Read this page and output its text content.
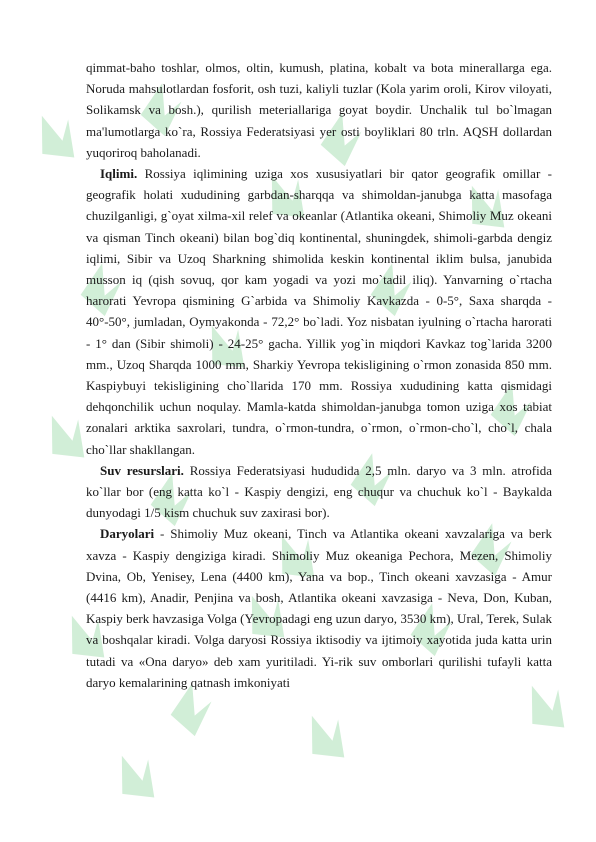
qimmat-baho toshlar, olmos, oltin, kumush, platina, kobalt va bota minerallarga ega. Noruda mahsulotlardan fosforit, osh tuzi, kaliyli tuzlar (Kola yarim oroli, Kirov viloyati, Solikamsk va bosh.), qurilish meteriallariga goyat boydir. Unchalik tul bo`lmagan ma'lumotlarga ko`ra, Rossiya Federatsiyasi yer osti boyliklari 80 trln. AQSH dollardan yuqoriroq baholanadi.

Iqlimi. Rossiya iqlimining uziga xos xususiyatlari bir qator geografik omillar - geografik holati xududining garbdan-sharqqa va shimoldan-janubga katta masofaga chuzilganligi, g`oyat xilma-xil relef va okeanlar (Atlantika okeani, Shimoliy Muz okeani va qisman Tinch okeani) bilan bog`diq kontinental, shuningdek, shimoli-garbda dengiz iqlimi, Sibir va Uzoq Sharkning shimolida keskin kontinental iklim bulsa, janubida musson iq (qish sovuq, qor kam yogadi va yozi mo`tadil iliq). Yanvarning o`rtacha harorati Yevropa qismining G`arbida va Shimoliy Kavkazda - 0-5°, Saxa sharqda - 40°-50°, jumladan, Oymyakonda - 72,2° bo`ladi. Yoz nisbatan iyulning o`rtacha harorati - 1° dan (Sibir shimoli) - 24-25° gacha. Yillik yog`in miqdori Kavkaz tog`larida 3200 mm., Uzoq Sharqda 1000 mm, Sharkiy Yevropa tekisligining o`rmon zonasida 850 mm. Kaspiybuyi tekisligining cho`llarida 170 mm. Rossiya xududining katta qismidagi dehqonchilik uchun noqulay. Mamla-katda shimoldan-janubga tomon uziga xos tabiat zonalari arktika saxrolari, tundra, o`rmon-tundra, o`rmon, o`rmon-cho`l, cho`l, chala cho`llar shakllangan.

Suv resurslari. Rossiya Federatsiyasi hududida 2,5 mln. daryo va 3 mln. atrofida ko`llar bor (eng katta ko`l - Kaspiy dengizi, eng chuqur va chuchuk ko`l - Baykalda dunyodagi 1/5 kism chuchuk suv zaxirasi bor).

Daryolari - Shimoliy Muz okeani, Tinch va Atlantika okeani xavzalariga va berk xavza - Kaspiy dengiziga kiradi. Shimoliy Muz okeaniga Pechora, Mezen, Shimoliy Dvina, Ob, Yenisey, Lena (4400 km), Yana va bop., Tinch okeani xavzasiga - Amur (4416 km), Anadir, Penjina va bosh, Atlantika okeani xavzasiga - Neva, Don, Kuban, Kaspiy berk havzasiga Volga (Yevropadagi eng uzun daryo, 3530 km), Ural, Terek, Sulak va boshqalar kiradi. Volga daryosi Rossiya iktisodiy va ijtimoiy xayotida juda katta urin tutadi va «Ona daryo» deb xam yuritiladi. Yi-rik suv omborlari qurilishi tufayli katta daryo kemalarining qatnash imkoniyati
